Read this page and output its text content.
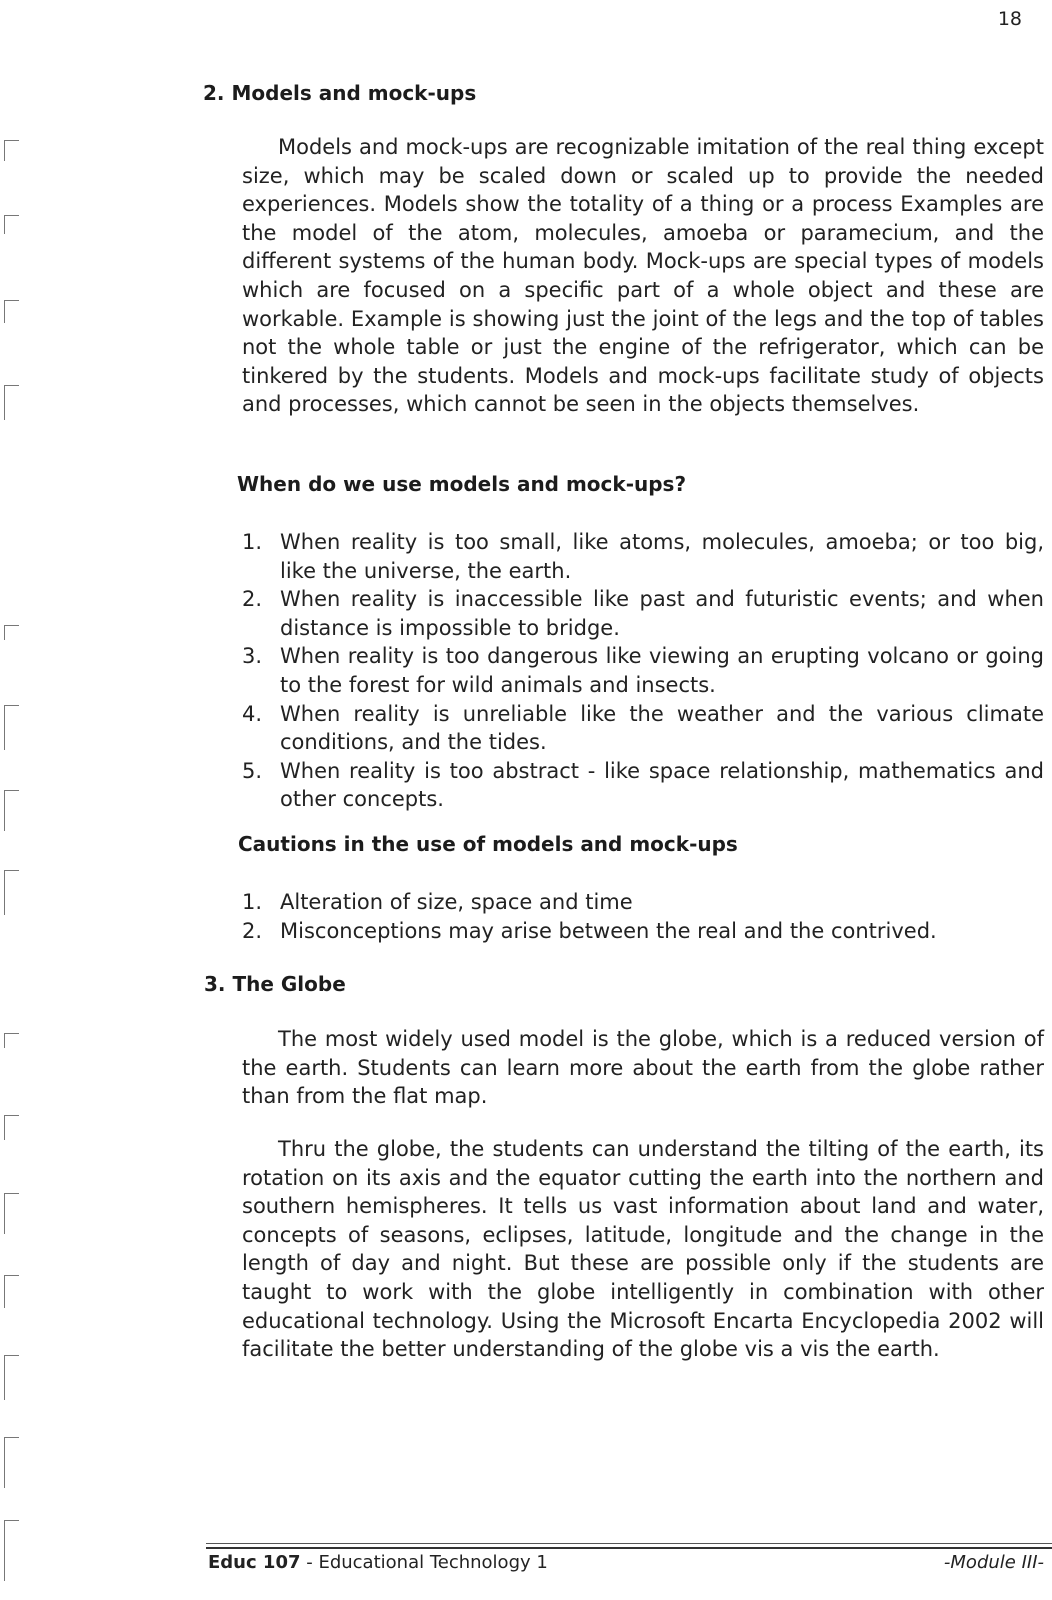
18
2. Models and mock-ups

Models and mock-ups are recognizable imitation of the real thing except size, which may be scaled down or scaled up to provide the needed experiences. Models show the totality of a thing or a process Examples are the model of the atom, molecules, amoeba or paramecium, and the different systems of the human body. Mock-ups are special types of models which are focused on a specific part of a whole object and these are workable. Example is showing just the joint of the legs and the top of tables not the whole table or just the engine of the refrigerator, which can be tinkered by the students. Models and mock-ups facilitate study of objects and processes, which cannot be seen in the objects themselves.

When do we use models and mock-ups?
1. When reality is too small, like atoms, molecules, amoeba; or too big, like the universe, the earth.
2. When reality is inaccessible like past and futuristic events; and when distance is impossible to bridge.
3. When reality is too dangerous like viewing an erupting volcano or going to the forest for wild animals and insects.
4. When reality is unreliable like the weather and the various climate conditions, and the tides.
5. When reality is too abstract - like space relationship, mathematics and other concepts.
Cautions in the use of models and mock-ups
1. Alteration of size, space and time
2. Misconceptions may arise between the real and the contrived.
3. The Globe

The most widely used model is the globe, which is a reduced version of the earth. Students can learn more about the earth from the globe rather than from the flat map.

Thru the globe, the students can understand the tilting of the earth, its rotation on its axis and the equator cutting the earth into the northern and southern hemispheres. It tells us vast information about land and water, concepts of seasons, eclipses, latitude, longitude and the change in the length of day and night. But these are possible only if the students are taught to work with the globe intelligently in combination with other educational technology. Using the Microsoft Encarta Encyclopedia 2002 will facilitate the better understanding of the globe vis a vis the earth.

Educ 107 - Educational Technology 1	-Module III-
